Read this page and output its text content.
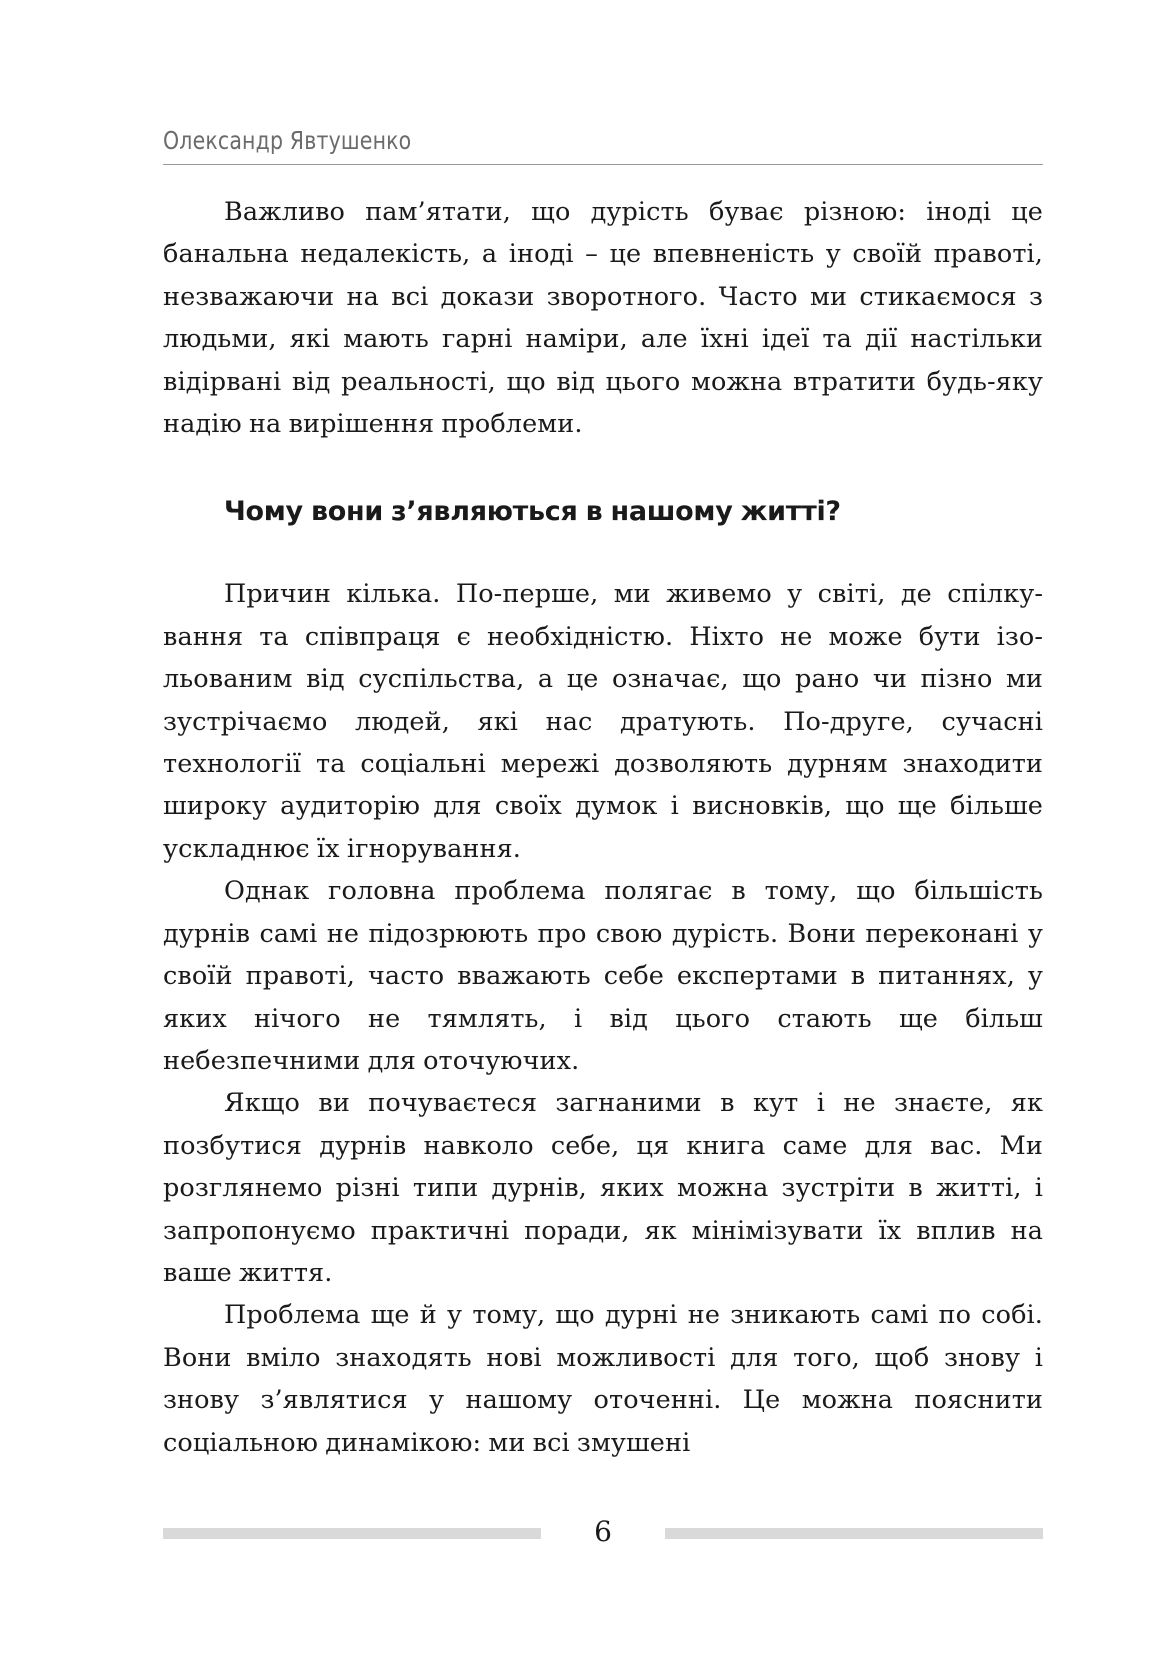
Олександр Явтушенко

Важливо пам’ятати, що дурість буває різною: іноді це банальна недалекість, а іноді – це впевненість у своїй правоті, незважаючи на всі докази зворотного. Часто ми стикаємося з людьми, які мають гарні наміри, але їхні ідеї та дії настільки відірвані від реальності, що від цього можна втратити будь-яку надію на вирішення проблеми.

Чому вони з’являються в нашому житті?

Причин кілька. По-перше, ми живемо у світі, де спілкування та співпраця є необхідністю. Ніхто не може бути ізольованим від суспільства, а це означає, що рано чи пізно ми зустрічаємо людей, які нас дратують. По-друге, сучасні технології та соціальні мережі дозволяють дурням знаходити широку аудиторію для своїх думок і висновків, що ще більше ускладнює їх ігнорування.

Однак головна проблема полягає в тому, що більшість дурнів самі не підозрюють про свою дурість. Вони переконані у своїй правоті, часто вважають себе експертами в питаннях, у яких нічого не тямлять, і від цього стають ще більш небезпечними для оточуючих.

Якщо ви почуваєтеся загнаними в кут і не знаєте, як позбутися дурнів навколо себе, ця книга саме для вас. Ми розглянемо різні типи дурнів, яких можна зустріти в житті, і запропонуємо практичні поради, як мінімізувати їх вплив на ваше життя.

Проблема ще й у тому, що дурні не зникають самі по собі. Вони вміло знаходять нові можливості для того, щоб знову і знову з’являтися у нашому оточенні. Це можна пояснити соціальною динамікою: ми всі змушені

6
